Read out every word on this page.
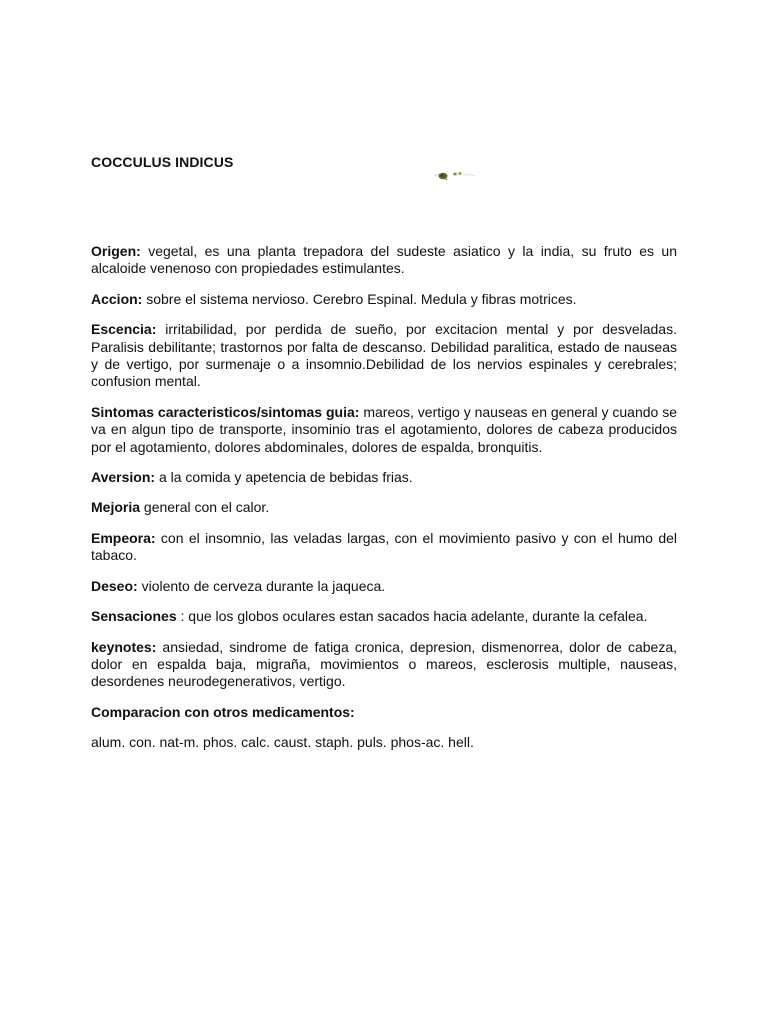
COCCULUS INDICUS

Origen: vegetal, es una planta trepadora del sudeste asiatico y la india, su fruto es un alcaloide venenoso con propiedades estimulantes.

Accion: sobre el sistema nervioso. Cerebro Espinal. Medula y fibras motrices.

Escencia: irritabilidad, por perdida de sueño, por excitacion mental y por desveladas. Paralisis debilitante; trastornos por falta de descanso. Debilidad paralitica, estado de nauseas y de vertigo, por surmenaje o a insomnio.Debilidad de los nervios espinales y cerebrales; confusion mental.

Sintomas caracteristicos/sintomas guia: mareos, vertigo y nauseas en general y cuando se va en algun tipo de transporte, insominio tras el agotamiento, dolores de cabeza producidos por el agotamiento, dolores abdominales, dolores de espalda, bronquitis.

Aversion: a la comida y apetencia de bebidas frias.

Mejoria general con el calor.

Empeora: con el insomnio, las veladas largas, con el movimiento pasivo y con el humo del tabaco.

Deseo: violento de cerveza durante la jaqueca.

Sensaciones : que los globos oculares estan sacados hacia adelante, durante la cefalea.

keynotes: ansiedad, sindrome de fatiga cronica, depresion, dismenorrea, dolor de cabeza, dolor en espalda baja, migraña, movimientos o mareos, esclerosis multiple, nauseas, desordenes neurodegenerativos, vertigo.

Comparacion con otros medicamentos:

alum. con. nat-m. phos. calc. caust. staph. puls. phos-ac. hell.
